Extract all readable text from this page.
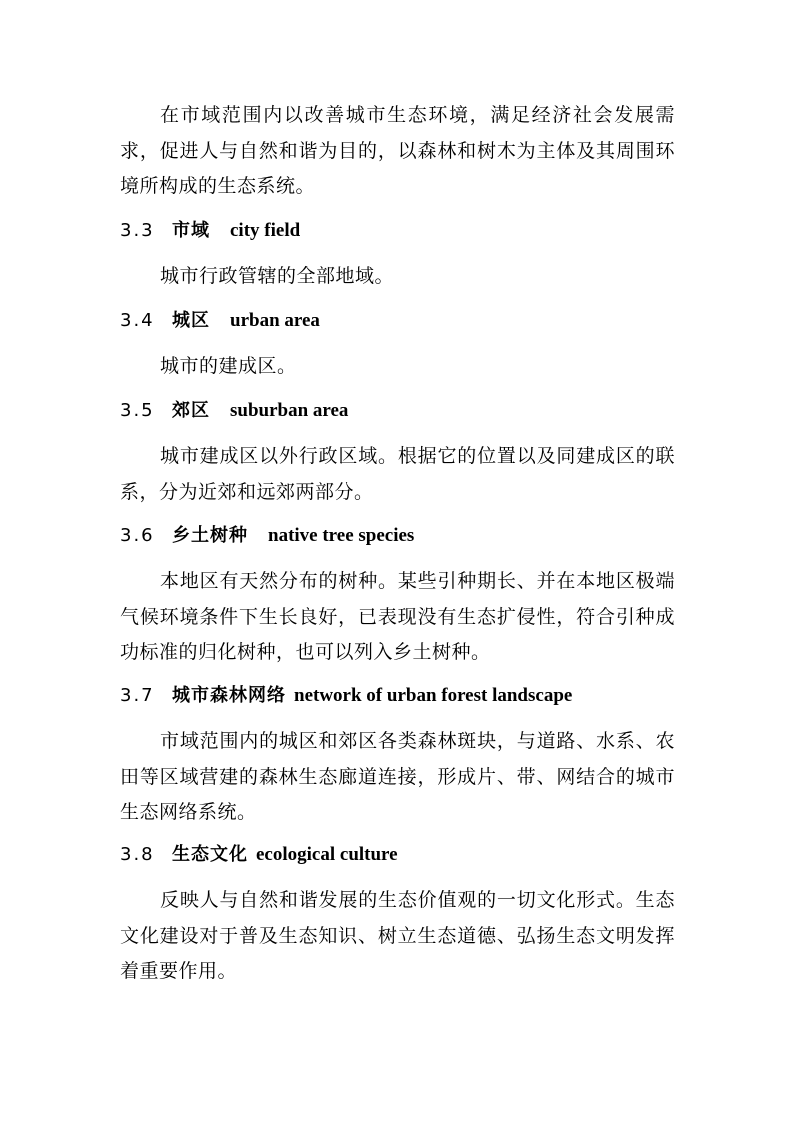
在市域范围内以改善城市生态环境，满足经济社会发展需求，促进人与自然和谐为目的，以森林和树木为主体及其周围环境所构成的生态系统。

3.3 市域 city field

城市行政管辖的全部地域。

3.4 城区 urban area

城市的建成区。

3.5 郊区 suburban area

城市建成区以外行政区域。根据它的位置以及同建成区的联系，分为近郊和远郊两部分。

3.6 乡土树种 native tree species

本地区有天然分布的树种。某些引种期长、并在本地区极端气候环境条件下生长良好，已表现没有生态扩侵性，符合引种成功标准的归化树种，也可以列入乡土树种。

3.7 城市森林网络 network of urban forest landscape

市域范围内的城区和郊区各类森林斑块，与道路、水系、农田等区域营建的森林生态廊道连接，形成片、带、网结合的城市生态网络系统。

3.8 生态文化 ecological culture

反映人与自然和谐发展的生态价值观的一切文化形式。生态文化建设对于普及生态知识、树立生态道德、弘扬生态文明发挥着重要作用。
